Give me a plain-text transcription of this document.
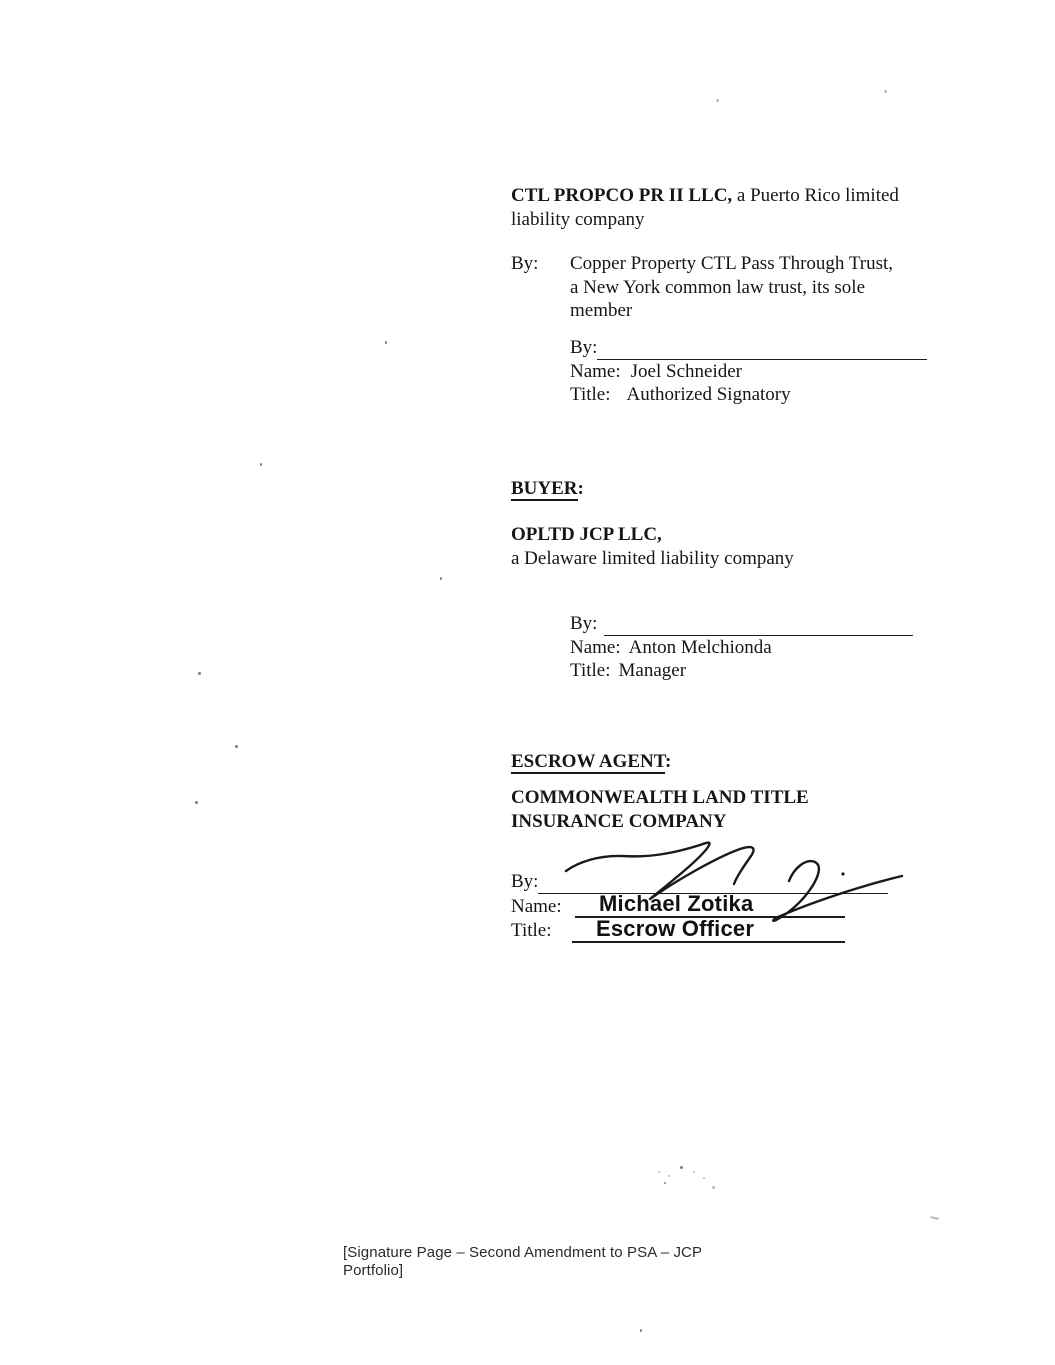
CTL PROPCO PR II LLC, a Puerto Rico limited
liability company
By:	Copper Property CTL Pass Through Trust,
a New York common law trust, its sole
member
By:
Name: Joel Schneider
Title: Authorized Signatory
BUYER:
OPLTD JCP LLC,
a Delaware limited liability company
By:
Name: Anton Melchionda
Title: Manager
ESCROW AGENT:
COMMONWEALTH LAND TITLE
INSURANCE COMPANY
By:
Name:	Michael Zotika
Title:	Escrow Officer
[Signature Page – Second Amendment to PSA – JCP Portfolio]
